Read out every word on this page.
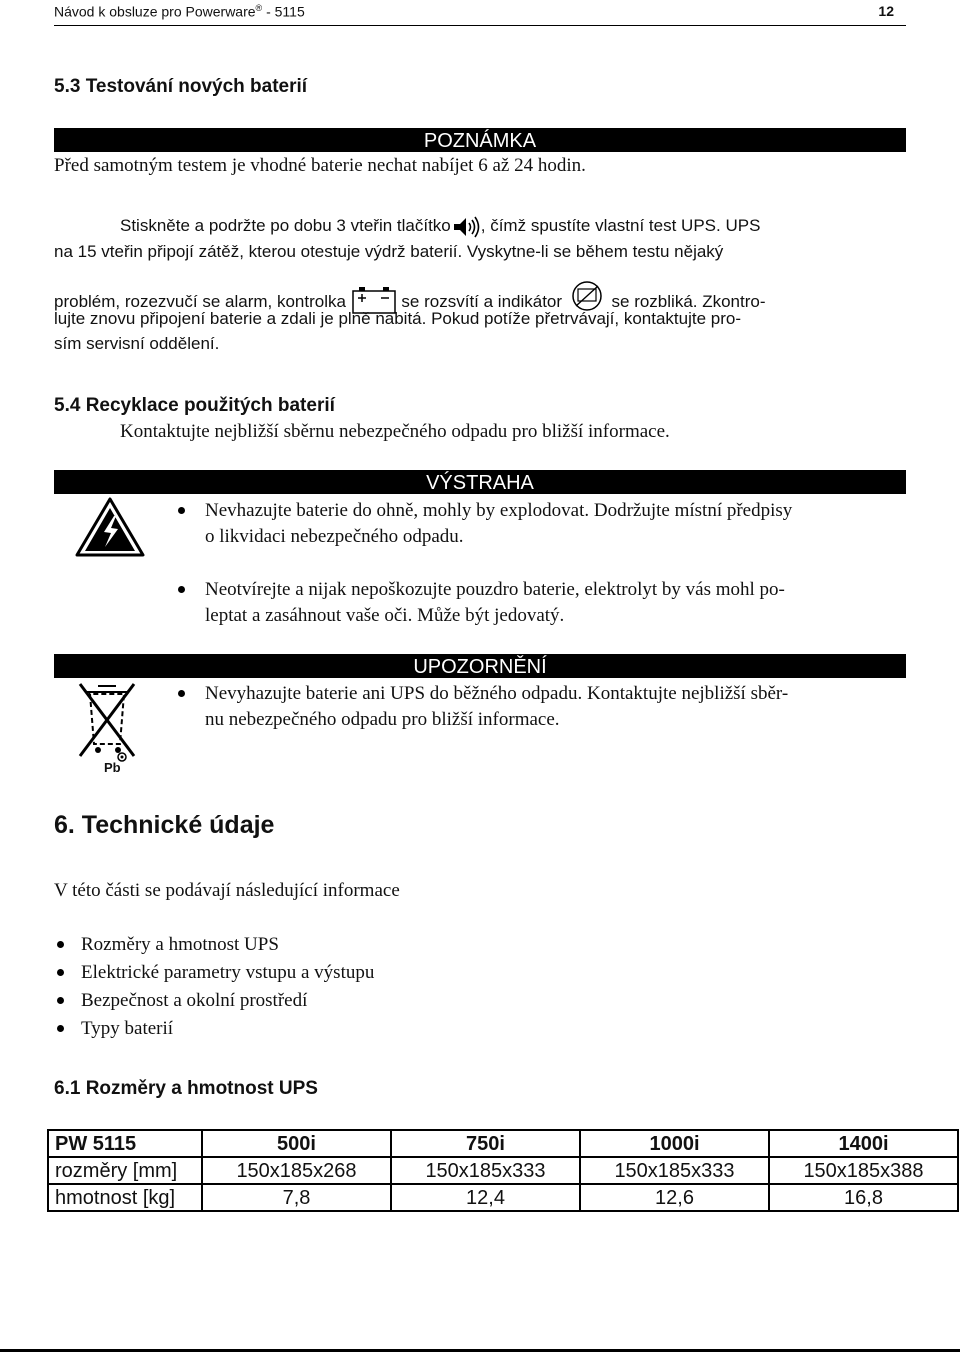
Návod k obsluze pro Powerware® - 5115	12
5.3 Testování nových baterií
POZNÁMKA
Před samotným testem je vhodné baterie nechat nabíjet 6 až 24 hodin.
Stiskněte a podržte po dobu 3 vteřin tlačítko , čímž spustíte vlastní test UPS. UPS
na 15 vteřin připojí zátěž, kterou otestuje výdrž baterií. Vyskytne-li se během testu nějaký
problém, rozezvučí se alarm, kontrolka	se rozsvítí a indikátor	se rozbliká. Zkontro-
lujte znovu připojení baterie a zdali je plně nabitá. Pokud potíže přetrvávají, kontaktujte pro-
sím servisní oddělení.
5.4 Recyklace použitých baterií
Kontaktujte nejbližší sběrnu nebezpečného odpadu pro bližší informace.
VÝSTRAHA
Nevhazujte baterie do ohně, mohly by explodovat. Dodržujte místní předpisy
o likvidaci nebezpečného odpadu.
Neotvírejte a nijak nepoškozujte pouzdro baterie, elektrolyt by vás mohl po-
leptat a zasáhnout vaše oči. Může být jedovatý.
UPOZORNĚNÍ
Pb
Nevyhazujte baterie ani UPS do běžného odpadu. Kontaktujte nejbližší sběr-
nu nebezpečného odpadu pro bližší informace.
6. Technické údaje
V této části se podávají následující informace
Rozměry a hmotnost UPS
Elektrické parametry vstupu a výstupu
Bezpečnost a okolní prostředí
Typy baterií
6.1 Rozměry a hmotnost UPS
PW 5115	500i	750i	1000i	1400i
rozměry [mm]	150x185x268	150x185x333	150x185x333	150x185x388
hmotnost [kg]	7,8	12,4	12,6	16,8
